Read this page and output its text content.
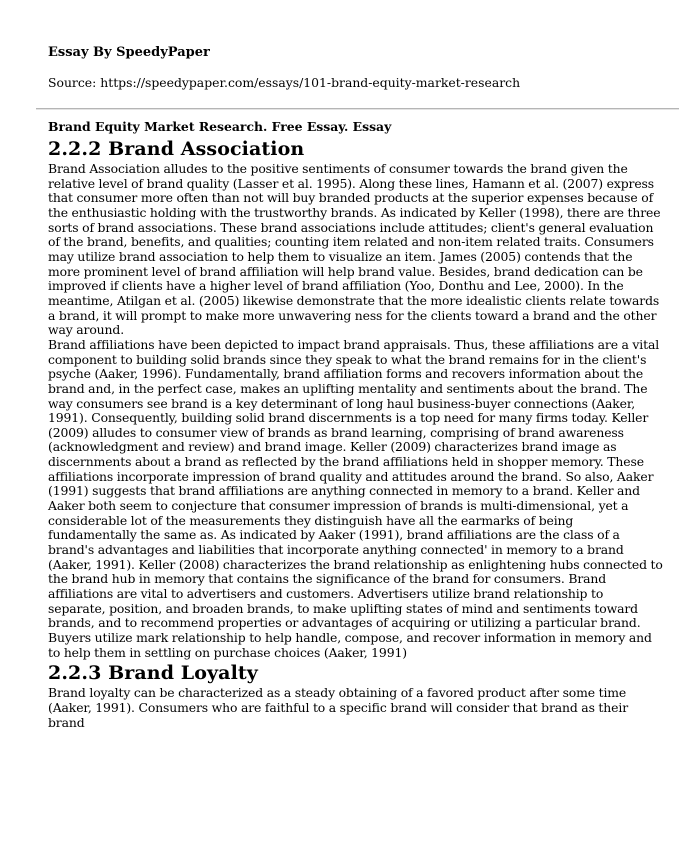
Essay By SpeedyPaper

Source: https://speedypaper.com/essays/101-brand-equity-market-research

Brand Equity Market Research. Free Essay. Essay

2.2.2 Brand Association

Brand Association alludes to the positive sentiments of consumer towards the brand given the relative level of brand quality (Lasser et al. 1995). Along these lines, Hamann et al. (2007) express that consumer more often than not will buy branded products at the superior expenses because of the enthusiastic holding with the trustworthy brands. As indicated by Keller (1998), there are three sorts of brand associations. These brand associations include attitudes; client's general evaluation of the brand, benefits, and qualities; counting item related and non-item related traits. Consumers may utilize brand association to help them to visualize an item. James (2005) contends that the more prominent level of brand affiliation will help brand value. Besides, brand dedication can be improved if clients have a higher level of brand affiliation (Yoo, Donthu and Lee, 2000). In the meantime, Atilgan et al. (2005) likewise demonstrate that the more idealistic clients relate towards a brand, it will prompt to make more unwavering ness for the clients toward a brand and the other way around.

Brand affiliations have been depicted to impact brand appraisals. Thus, these affiliations are a vital component to building solid brands since they speak to what the brand remains for in the client's psyche (Aaker, 1996). Fundamentally, brand affiliation forms and recovers information about the brand and, in the perfect case, makes an uplifting mentality and sentiments about the brand. The way consumers see brand is a key determinant of long haul business-buyer connections (Aaker, 1991). Consequently, building solid brand discernments is a top need for many firms today. Keller (2009) alludes to consumer view of brands as brand learning, comprising of brand awareness (acknowledgment and review) and brand image. Keller (2009) characterizes brand image as discernments about a brand as reflected by the brand affiliations held in shopper memory. These affiliations incorporate impression of brand quality and attitudes around the brand. So also, Aaker (1991) suggests that brand affiliations are anything connected in memory to a brand. Keller and Aaker both seem to conjecture that consumer impression of brands is multi-dimensional, yet a considerable lot of the measurements they distinguish have all the earmarks of being fundamentally the same as. As indicated by Aaker (1991), brand affiliations are the class of a brand's advantages and liabilities that incorporate anything connected' in memory to a brand (Aaker, 1991). Keller (2008) characterizes the brand relationship as enlightening hubs connected to the brand hub in memory that contains the significance of the brand for consumers. Brand affiliations are vital to advertisers and customers. Advertisers utilize brand relationship to separate, position, and broaden brands, to make uplifting states of mind and sentiments toward brands, and to recommend properties or advantages of acquiring or utilizing a particular brand. Buyers utilize mark relationship to help handle, compose, and recover information in memory and to help them in settling on purchase choices (Aaker, 1991)

2.2.3 Brand Loyalty

Brand loyalty can be characterized as a steady obtaining of a favored product after some time (Aaker, 1991). Consumers who are faithful to a specific brand will consider that brand as their brand
